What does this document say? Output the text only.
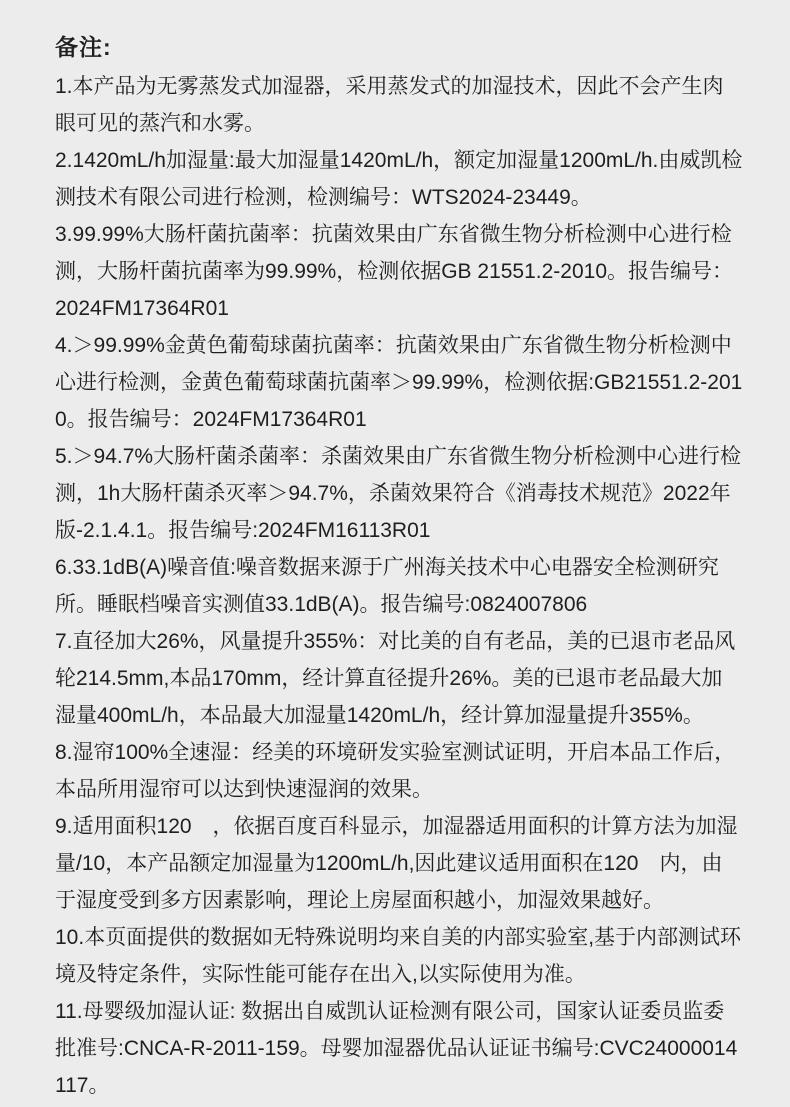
备注:

1.本产品为无雾蒸发式加湿器，采用蒸发式的加湿技术，因此不会产生肉眼可见的蒸汽和水雾。

2.1420mL/h加湿量:最大加湿量1420mL/h，额定加湿量1200mL/h.由威凯检测技术有限公司进行检测，检测编号：WTS2024-23449。

3.99.99%大肠杆菌抗菌率：抗菌效果由广东省微生物分析检测中心进行检测，大肠杆菌抗菌率为99.99%，检测依据GB 21551.2-2010。报告编号：2024FM17364R01

4.＞99.99%金黄色葡萄球菌抗菌率：抗菌效果由广东省微生物分析检测中心进行检测，金黄色葡萄球菌抗菌率＞99.99%，检测依据:GB21551.2-2010。报告编号：2024FM17364R01

5.＞94.7%大肠杆菌杀菌率：杀菌效果由广东省微生物分析检测中心进行检测，1h大肠杆菌杀灭率＞94.7%，杀菌效果符合《消毒技术规范》2022年版-2.1.4.1。报告编号:2024FM16113R01

6.33.1dB(A)噪音值:噪音数据来源于广州海关技术中心电器安全检测研究所。睡眠档噪音实测值33.1dB(A)。报告编号:0824007806

7.直径加大26%，风量提升355%：对比美的自有老品，美的已退市老品风轮214.5mm,本品170mm，经计算直径提升26%。美的已退市老品最大加湿量400mL/h，本品最大加湿量1420mL/h，经计算加湿量提升355%。

8.湿帘100%全速湿：经美的环境研发实验室测试证明，开启本品工作后，本品所用湿帘可以达到快速湿润的效果。

9.适用面积120　，依据百度百科显示，加湿器适用面积的计算方法为加湿量/10，本产品额定加湿量为1200mL/h,因此建议适用面积在120　内，由于湿度受到多方因素影响，理论上房屋面积越小，加湿效果越好。

10.本页面提供的数据如无特殊说明均来自美的内部实验室,基于内部测试环境及特定条件，实际性能可能存在出入,以实际使用为准。

11.母婴级加湿认证: 数据出自威凯认证检测有限公司，国家认证委员监委批准号:CNCA-R-2011-159。母婴加湿器优品认证证书编号:CVC24000014117。
